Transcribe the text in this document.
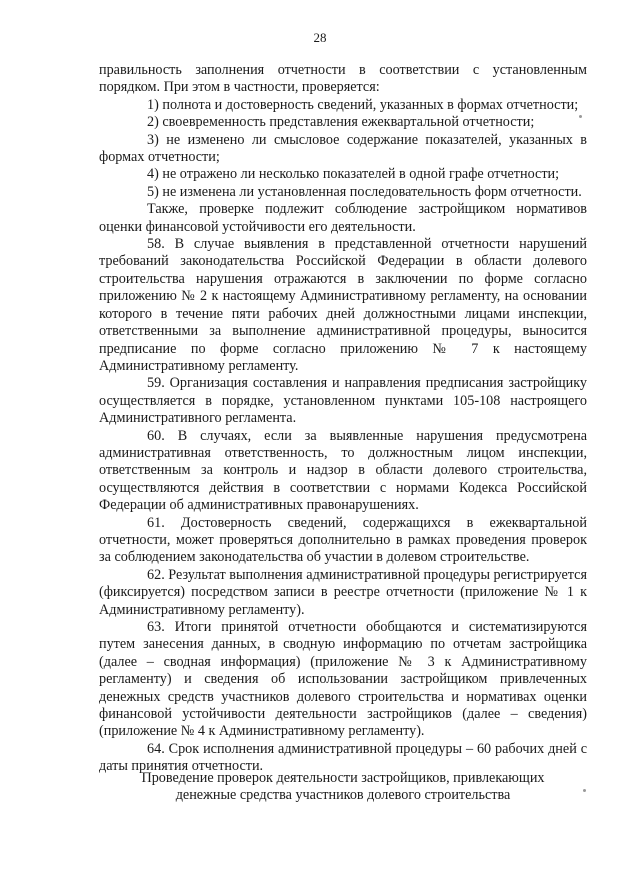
28

правильность заполнения отчетности в соответствии с установленным порядком. При этом в частности, проверяется:

1) полнота и достоверность сведений, указанных в формах отчетности;

2) своевременность представления ежеквартальной отчетности;

3) не изменено ли смысловое содержание показателей, указанных в формах отчетности;

4) не отражено ли несколько показателей в одной графе отчетности;

5) не изменена ли установленная последовательность форм отчетности.

Также, проверке подлежит соблюдение застройщиком нормативов оценки финансовой устойчивости его деятельности.

58. В случае выявления в представленной отчетности нарушений требований законодательства Российской Федерации в области долевого строительства нарушения отражаются в заключении по форме согласно приложению № 2 к настоящему Административному регламенту, на основании которого в течение пяти рабочих дней должностными лицами инспекции, ответственными за выполнение административной процедуры, выносится предписание по форме согласно приложению № 7 к настоящему Административному регламенту.

59. Организация составления и направления предписания застройщику осуществляется в порядке, установленном пунктами 105-108 настроящего Административного регламента.

60. В случаях, если за выявленные нарушения предусмотрена административная ответственность, то должностным лицом инспекции, ответственным за контроль и надзор в области долевого строительства, осуществляются действия в соответствии с нормами Кодекса Российской Федерации об административных правонарушениях.

61. Достоверность сведений, содержащихся в ежеквартальной отчетности, может проверяться дополнительно в рамках проведения проверок за соблюдением законодательства об участии в долевом строительстве.

62. Результат выполнения административной процедуры регистрируется (фиксируется) посредством записи в реестре отчетности (приложение № 1 к Административному регламенту).

63. Итоги принятой отчетности обобщаются и систематизируются путем занесения данных, в сводную информацию по отчетам застройщика (далее – сводная информация) (приложение № 3 к Административному регламенту) и сведения об использовании застройщиком привлеченных денежных средств участников долевого строительства и нормативах оценки финансовой устойчивости деятельности застройщиков (далее – сведения) (приложение № 4 к Административному регламенту).

64. Срок исполнения административной процедуры – 60 рабочих дней с даты принятия отчетности.

Проведение проверок деятельности застройщиков, привлекающих
денежные средства участников долевого строительства
